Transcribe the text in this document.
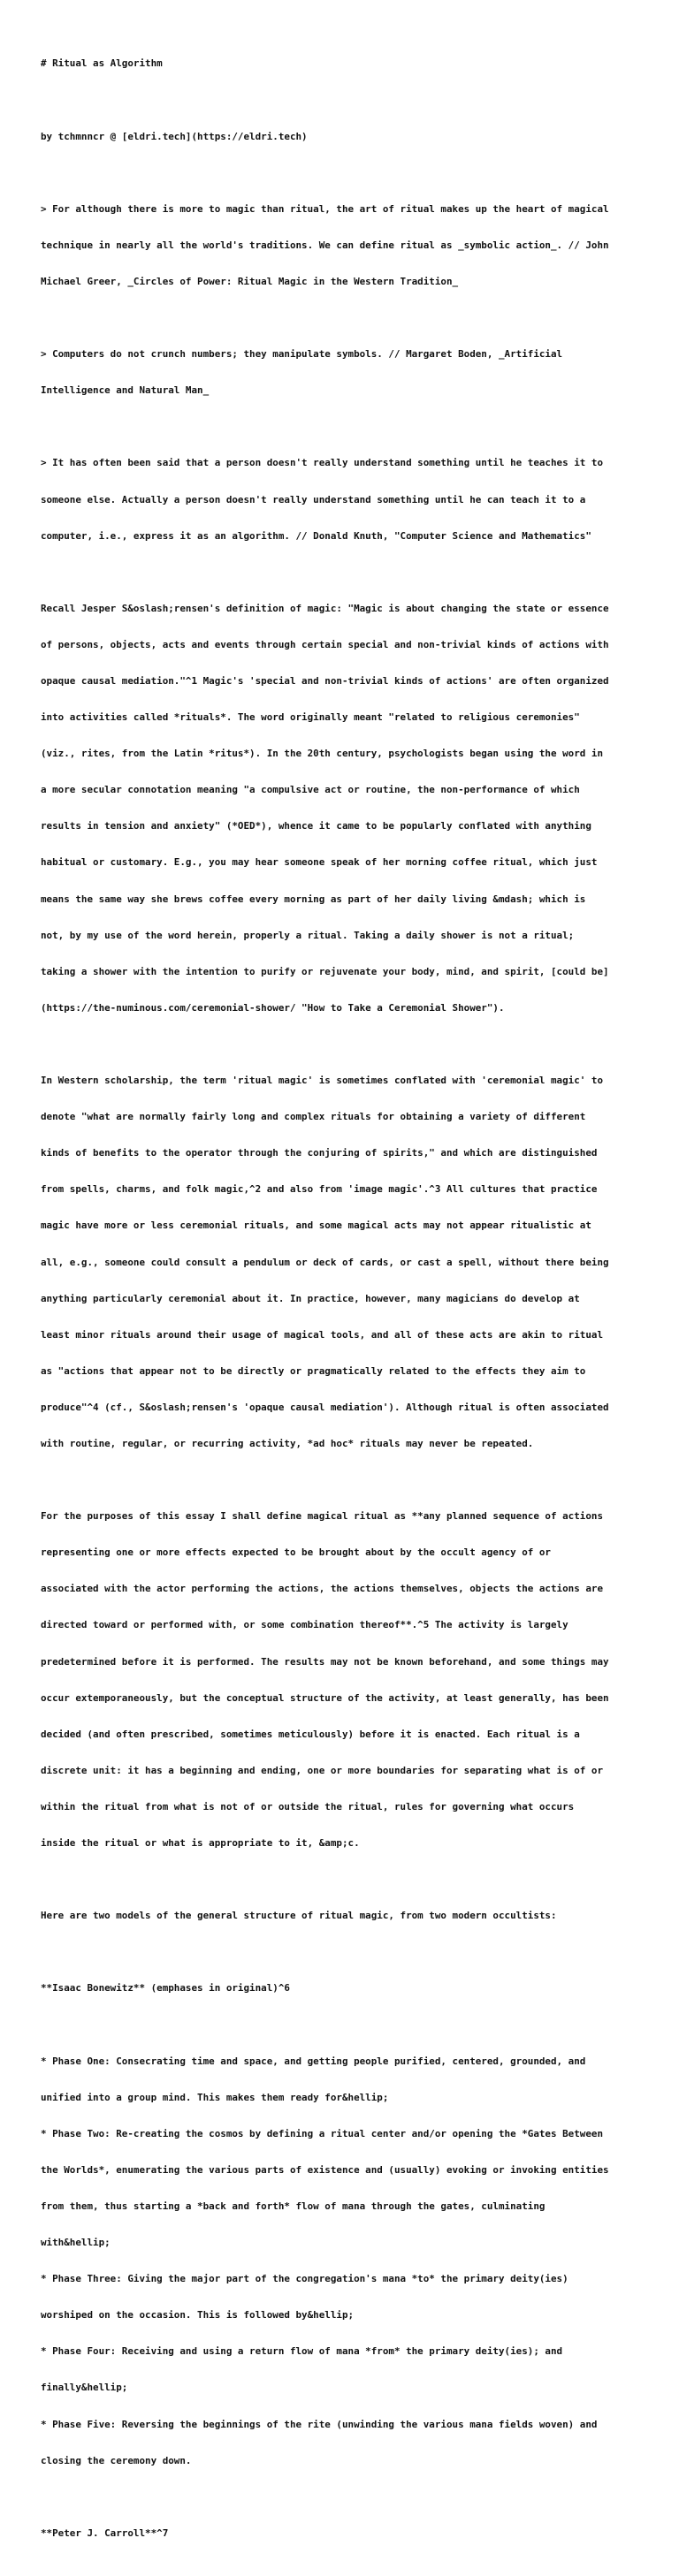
# Ritual as Algorithm

by tchmnncr @ [eldri.tech](https://eldri.tech)

> For although there is more to magic than ritual, the art of ritual makes up the heart of magical

technique in nearly all the world's traditions. We can define ritual as _symbolic action_. // John

Michael Greer, _Circles of Power: Ritual Magic in the Western Tradition_

> Computers do not crunch numbers; they manipulate symbols. // Margaret Boden, _Artificial

Intelligence and Natural Man_

> It has often been said that a person doesn't really understand something until he teaches it to

someone else. Actually a person doesn't really understand something until he can teach it to a

computer, i.e., express it as an algorithm. // Donald Knuth, "Computer Science and Mathematics"

Recall Jesper S&oslash;rensen's definition of magic: "Magic is about changing the state or essence

of persons, objects, acts and events through certain special and non-trivial kinds of actions with

opaque causal mediation."^1 Magic's 'special and non-trivial kinds of actions' are often organized

into activities called *rituals*. The word originally meant "related to religious ceremonies"

(viz., rites, from the Latin *ritus*). In the 20th century, psychologists began using the word in

a more secular connotation meaning "a compulsive act or routine, the non-performance of which

results in tension and anxiety" (*OED*), whence it came to be popularly conflated with anything

habitual or customary. E.g., you may hear someone speak of her morning coffee ritual, which just

means the same way she brews coffee every morning as part of her daily living &mdash; which is

not, by my use of the word herein, properly a ritual. Taking a daily shower is not a ritual;

taking a shower with the intention to purify or rejuvenate your body, mind, and spirit, [could be]

(https://the-numinous.com/ceremonial-shower/ "How to Take a Ceremonial Shower").

In Western scholarship, the term 'ritual magic' is sometimes conflated with 'ceremonial magic' to

denote "what are normally fairly long and complex rituals for obtaining a variety of different

kinds of benefits to the operator through the conjuring of spirits," and which are distinguished

from spells, charms, and folk magic,^2 and also from 'image magic'.^3 All cultures that practice

magic have more or less ceremonial rituals, and some magical acts may not appear ritualistic at

all, e.g., someone could consult a pendulum or deck of cards, or cast a spell, without there being

anything particularly ceremonial about it. In practice, however, many magicians do develop at

least minor rituals around their usage of magical tools, and all of these acts are akin to ritual

as "actions that appear not to be directly or pragmatically related to the effects they aim to

produce"^4 (cf., S&oslash;rensen's 'opaque causal mediation'). Although ritual is often associated

with routine, regular, or recurring activity, *ad hoc* rituals may never be repeated.

For the purposes of this essay I shall define magical ritual as **any planned sequence of actions

representing one or more effects expected to be brought about by the occult agency of or

associated with the actor performing the actions, the actions themselves, objects the actions are

directed toward or performed with, or some combination thereof**.^5 The activity is largely

predetermined before it is performed. The results may not be known beforehand, and some things may

occur extemporaneously, but the conceptual structure of the activity, at least generally, has been

decided (and often prescribed, sometimes meticulously) before it is enacted. Each ritual is a

discrete unit: it has a beginning and ending, one or more boundaries for separating what is of or

within the ritual from what is not of or outside the ritual, rules for governing what occurs

inside the ritual or what is appropriate to it, &amp;c.

Here are two models of the general structure of ritual magic, from two modern occultists:

**Isaac Bonewitz** (emphases in original)^6

* Phase One: Consecrating time and space, and getting people purified, centered, grounded, and

unified into a group mind. This makes them ready for&hellip;

* Phase Two: Re-creating the cosmos by defining a ritual center and/or opening the *Gates Between

the Worlds*, enumerating the various parts of existence and (usually) evoking or invoking entities

from them, thus starting a *back and forth* flow of mana through the gates, culminating

with&hellip;

* Phase Three: Giving the major part of the congregation's mana *to* the primary deity(ies)

worshiped on the occasion. This is followed by&hellip;

* Phase Four: Receiving and using a return flow of mana *from* the primary deity(ies); and

finally&hellip;

* Phase Five: Reversing the beginnings of the rite (unwinding the various mana fields woven) and

closing the ceremony down.

**Peter J. Carroll**^7
